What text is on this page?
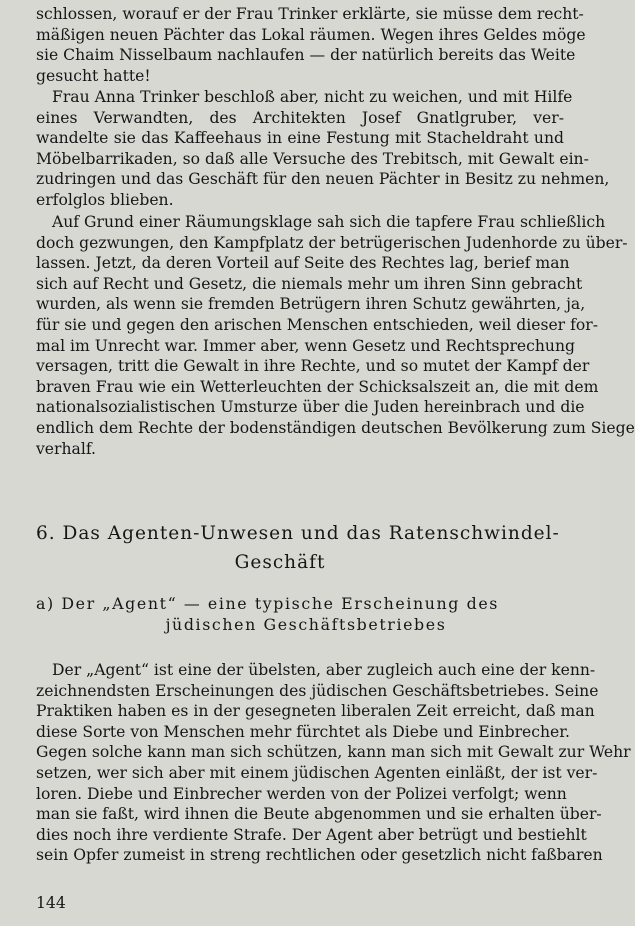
schlossen, worauf er der Frau Trinker erklärte, sie müsse dem recht-
mäßigen neuen Pächter das Lokal räumen. Wegen ihres Geldes möge
sie Chaim Nisselbaum nachlaufen — der natürlich bereits das Weite
gesucht hatte!
Frau Anna Trinker beschloß aber, nicht zu weichen, und mit Hilfe
eines Verwandten, des Architekten Josef Gnatlgruber, ver-
wandelte sie das Kaffeehaus in eine Festung mit Stacheldraht und
Möbelbarrikaden, so daß alle Versuche des Trebitsch, mit Gewalt ein-
zudringen und das Geschäft für den neuen Pächter in Besitz zu nehmen,
erfolglos blieben.
Auf Grund einer Räumungsklage sah sich die tapfere Frau schließlich
doch gezwungen, den Kampfplatz der betrügerischen Judenhorde zu über-
lassen. Jetzt, da deren Vorteil auf Seite des Rechtes lag, berief man
sich auf Recht und Gesetz, die niemals mehr um ihren Sinn gebracht
wurden, als wenn sie fremden Betrügern ihren Schutz gewährten, ja,
für sie und gegen den arischen Menschen entschieden, weil dieser for-
mal im Unrecht war. Immer aber, wenn Gesetz und Rechtsprechung
versagen, tritt die Gewalt in ihre Rechte, und so mutet der Kampf der
braven Frau wie ein Wetterleuchten der Schicksalszeit an, die mit dem
nationalsozialistischen Umsturze über die Juden hereinbrach und die
endlich dem Rechte der bodenständigen deutschen Bevölkerung zum Siege
verhalf.
6. Das Agenten-Unwesen und das Ratenschwindel-
Geschäft
a) Der „Agent“ — eine typische Erscheinung des
jüdischen Geschäftsbetriebes
Der „Agent“ ist eine der übelsten, aber zugleich auch eine der kenn-
zeichnendsten Erscheinungen des jüdischen Geschäftsbetriebes. Seine
Praktiken haben es in der gesegneten liberalen Zeit erreicht, daß man
diese Sorte von Menschen mehr fürchtet als Diebe und Einbrecher.
Gegen solche kann man sich schützen, kann man sich mit Gewalt zur Wehr
setzen, wer sich aber mit einem jüdischen Agenten einläßt, der ist ver-
loren. Diebe und Einbrecher werden von der Polizei verfolgt; wenn
man sie faßt, wird ihnen die Beute abgenommen und sie erhalten über-
dies noch ihre verdiente Strafe. Der Agent aber betrügt und bestiehlt
sein Opfer zumeist in streng rechtlichen oder gesetzlich nicht faßbaren
144
